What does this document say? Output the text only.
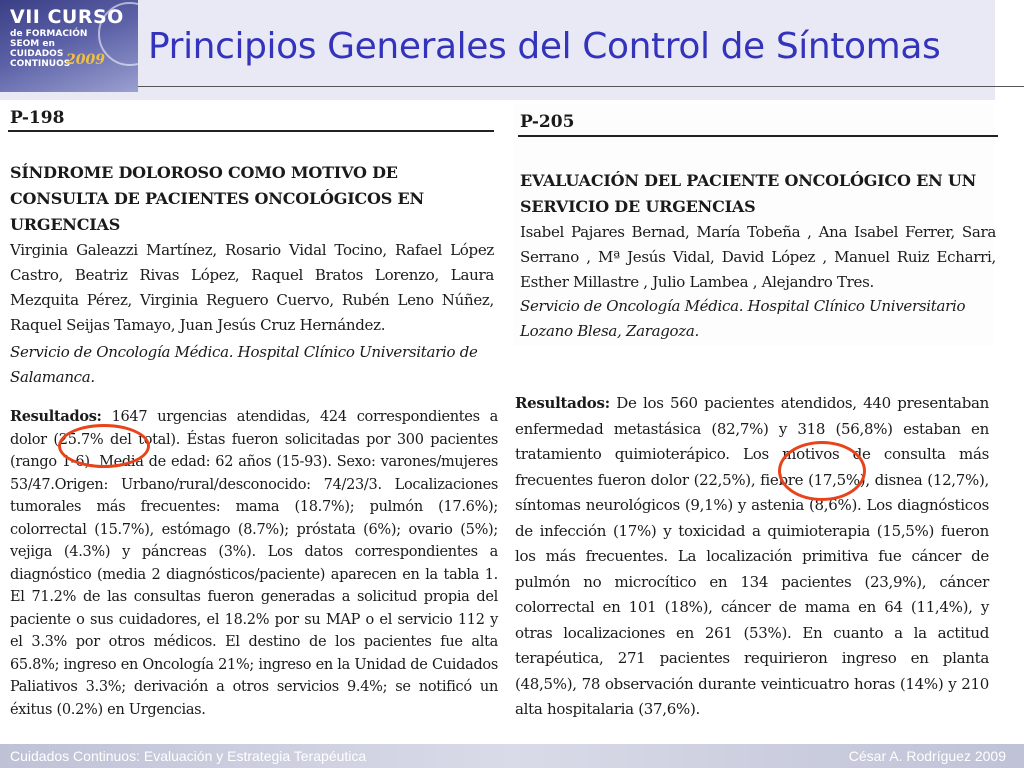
VII CURSO
de FORMACIÓN SEOM en CUIDADOS CONTINUOS
2009 Principios Generales del Control de Síntomas
P-198
SÍNDROME DOLOROSO COMO MOTIVO DE CONSULTA DE PACIENTES ONCOLÓGICOS EN URGENCIAS
Virginia Galeazzi Martínez, Rosario Vidal Tocino, Rafael López Castro, Beatriz Rivas López, Raquel Bratos Lorenzo, Laura Mezquita Pérez, Virginia Reguero Cuervo, Rubén Leno Núñez, Raquel Seijas Tamayo, Juan Jesús Cruz Hernández.
Servicio de Oncología Médica. Hospital Clínico Universitario de Salamanca.
P-205
EVALUACIÓN DEL PACIENTE ONCOLÓGICO EN UN SERVICIO DE URGENCIAS
Isabel Pajares Bernad, María Tobeña , Ana Isabel Ferrer, Sara Serrano , Mª Jesús Vidal, David López , Manuel Ruiz Echarri, Esther Millastre , Julio Lambea , Alejandro Tres.
Servicio de Oncología Médica. Hospital Clínico Universitario Lozano Blesa, Zaragoza.
Resultados: 1647 urgencias atendidas, 424 correspondientes a dolor (25.7% del total). Éstas fueron solicitadas por 300 pacientes (rango 1-6). Media de edad: 62 años (15-93). Sexo: varones/mujeres 53/47.Origen: Urbano/rural/desconocido: 74/23/3. Localizaciones tumorales más frecuentes: mama (18.7%); pulmón (17.6%); colorrectal (15.7%), estómago (8.7%); próstata (6%); ovario (5%); vejiga (4.3%) y páncreas (3%). Los datos correspondientes a diagnóstico (media 2 diagnósticos/paciente) aparecen en la tabla 1. El 71.2% de las consultas fueron generadas a solicitud propia del paciente o sus cuidadores, el 18.2% por su MAP o el servicio 112 y el 3.3% por otros médicos. El destino de los pacientes fue alta 65.8%; ingreso en Oncología 21%; ingreso en la Unidad de Cuidados Paliativos 3.3%; derivación a otros servicios 9.4%; se notificó un éxitus (0.2%) en Urgencias.
Resultados: De los 560 pacientes atendidos, 440 presentaban enfermedad metastásica (82,7%) y 318 (56,8%) estaban en tratamiento quimioterápico. Los motivos de consulta más frecuentes fueron dolor (22,5%), fiebre (17,5%), disnea (12,7%), síntomas neurológicos (9,1%) y astenia (8,6%). Los diagnósticos de infección (17%) y toxicidad a quimioterapia (15,5%) fueron los más frecuentes. La localización primitiva fue cáncer de pulmón no microcítico en 134 pacientes (23,9%), cáncer colorrectal en 101 (18%), cáncer de mama en 64 (11,4%), y otras localizaciones en 261 (53%). En cuanto a la actitud terapéutica, 271 pacientes requirieron ingreso en planta (48,5%), 78 observación durante veinticuatro horas (14%) y 210 alta hospitalaria (37,6%).
Cuidados Continuos: Evaluación y Estrategia Terapéutica	César A. Rodríguez 2009
